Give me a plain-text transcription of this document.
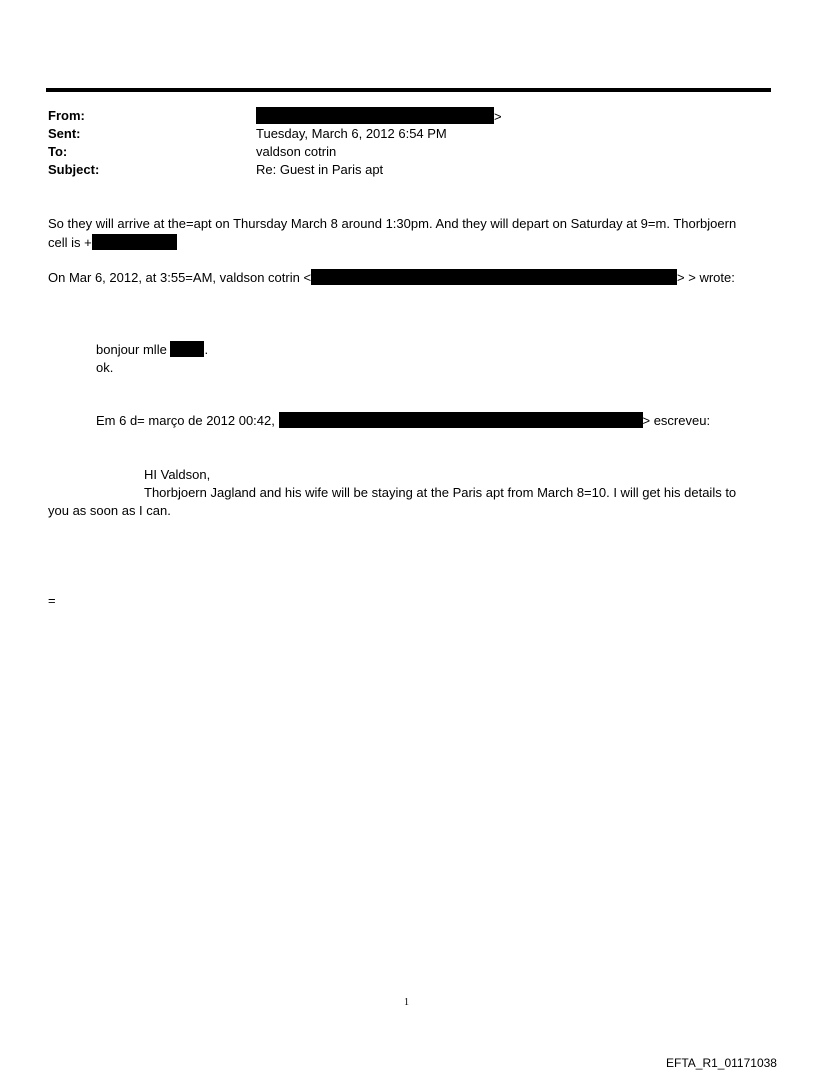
From:	>
Sent:	Tuesday, March 6, 2012 6:54 PM
To:	valdson cotrin
Subject:	Re: Guest in Paris apt
So they will arrive at the=apt on Thursday March 8 around 1:30pm. And they will depart on Saturday at 9=m. Thorbjoern
cell is +
On Mar 6, 2012, at 3:55=AM, valdson cotrin <	> > wrote:
bonjour mlle	.
ok.
Em 6 d= março de 2012 00:42,	> escreveu:
HI Valdson,
Thorbjoern Jagland and his wife will be staying at the Paris apt from March 8=10. I will get his details to
you as soon as I can.
=
1
EFTA_R1_01171038
